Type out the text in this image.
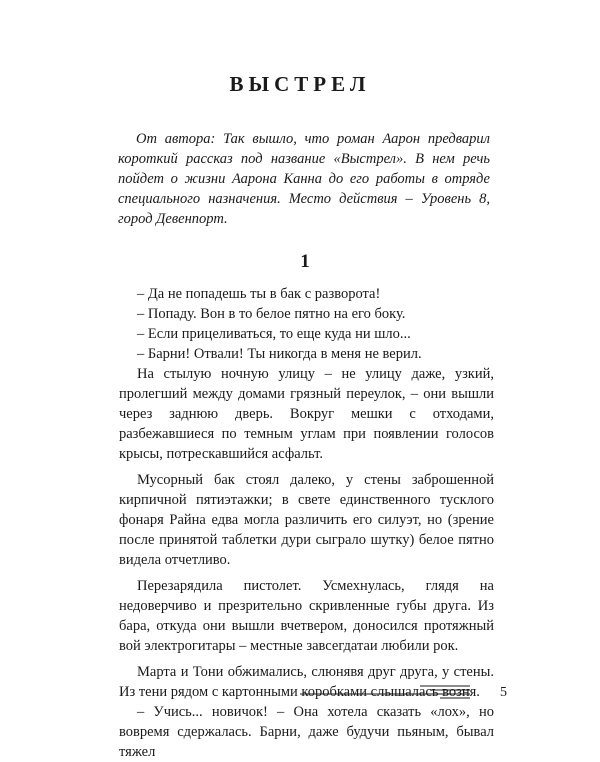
ВЫСТРЕЛ

От автора: Так вышло, что роман Аарон предварил короткий рассказ под название «Выстрел». В нем речь пойдет о жизни Аарона Канна до его работы в отряде специального назначения. Место действия – Уровень 8, город Девенпорт.

1

– Да не попадешь ты в бак с разворота!

– Попаду. Вон в то белое пятно на его боку.

– Если прицеливаться, то еще куда ни шло...

– Барни! Отвали! Ты никогда в меня не верил.

На стылую ночную улицу – не улицу даже, узкий, пролегший между домами грязный переулок, – они вышли через заднюю дверь. Вокруг мешки с отходами, разбежавшиеся по темным углам при появлении голосов крысы, потрескавшийся асфальт.

Мусорный бак стоял далеко, у стены заброшенной кирпичной пятиэтажки; в свете единственного тусклого фонаря Райна едва могла различить его силуэт, но (зрение после принятой таблетки дури сыграло шутку) белое пятно видела отчетливо.

Перезарядила пистолет. Усмехнулась, глядя на недоверчиво и презрительно скривленные губы друга. Из бара, откуда они вышли вчетвером, доносился протяжный вой электрогитары – местные завсегдатаи любили рок.

Марта и Тони обжимались, слюнявя друг друга, у стены. Из тени рядом с картонными коробками слышалась возня.

– Учись... новичок! – Она хотела сказать «лох», но вовремя сдержалась. Барни, даже будучи пьяным, бывал тяжел

5
